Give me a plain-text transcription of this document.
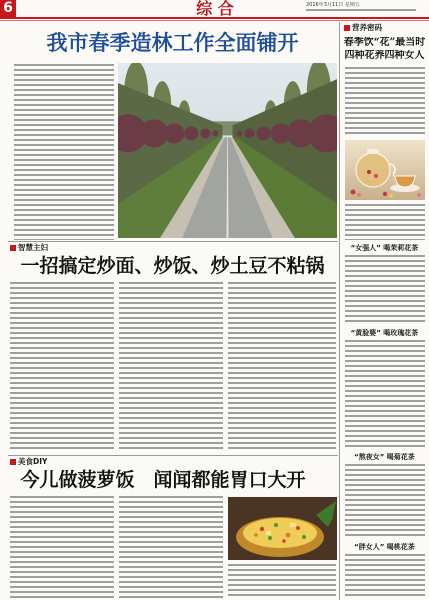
6	综 合	2016年3月11日 星期五
我市春季造林工作全面铺开
智慧主妇
一招搞定炒面、炒饭、炒土豆不粘锅
美食DIY
今儿做菠萝饭　闻闻都能胃口大开
营养密码
春季饮“花”最当时
四种花养四种女人
“女强人” 喝茉莉花茶
“黄脸婆” 喝玫瑰花茶
“熬夜女” 喝菊花茶
“胖女人” 喝桃花茶
